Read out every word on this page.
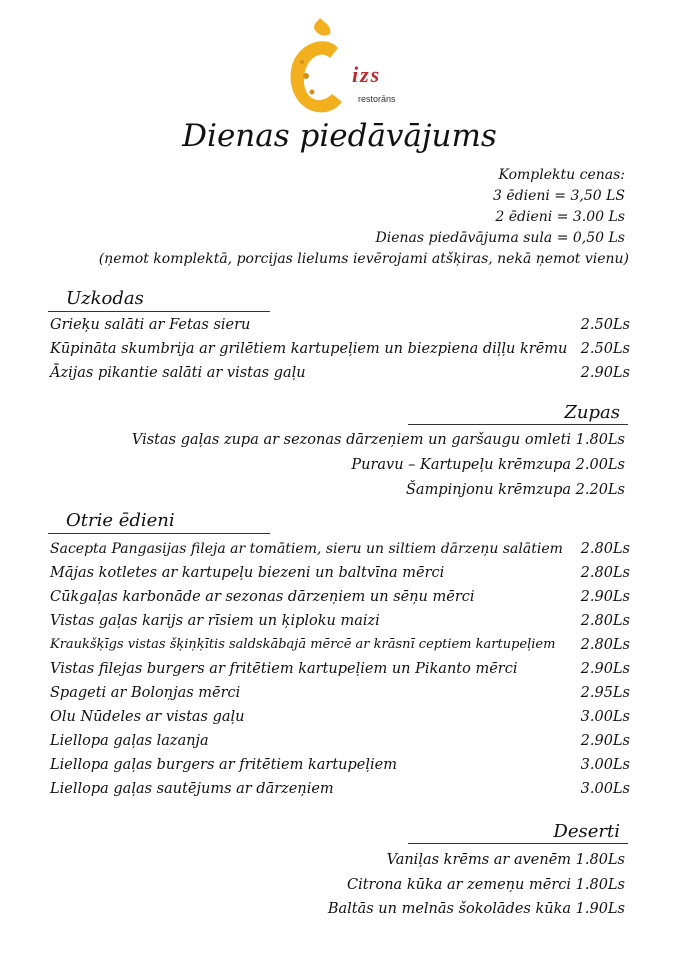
izs
restorāns
Dienas piedāvājums
Komplektu cenas:
3 ēdieni = 3,50 LS
2 ēdieni = 3.00 Ls
Dienas piedāvājuma sula = 0,50 Ls
(ņemot komplektā, porcijas lielums ievērojami atšķiras, nekā ņemot vienu)
Uzkodas
Grieķu salāti ar Fetas sieru	2.50Ls
Kūpināta skumbrija ar grilētiem kartupeļiem un biezpiena diļļu krēmu 2.50Ls
Āzijas pikantie salāti ar vistas gaļu	2.90Ls
Zupas
Vistas gaļas zupa ar sezonas dārzeņiem un garšaugu omleti 1.80Ls
Puravu – Kartupeļu krēmzupa 2.00Ls
Šampinjonu krēmzupa 2.20Ls
Otrie ēdieni
Sacepta Pangasijas fileja ar tomātiem, sieru un siltiem dārzeņu salātiem 2.80Ls
Mājas kotletes ar kartupeļu biezeni un baltvīna mērci	2.80Ls
Cūkgaļas karbonāde ar sezonas dārzeņiem un sēņu mērci	2.90Ls
Vistas gaļas karijs ar rīsiem un ķiploku maizi	2.80Ls
Kraukšķīgs vistas šķiņķītis saldskābajā mērcē ar krāsnī ceptiem kartupeļiem 2.80Ls
Vistas filejas burgers ar fritētiem kartupeļiem un Pikanto mērci	2.90Ls
Spageti ar Boloņjas mērci	2.95Ls
Olu Nūdeles ar vistas gaļu	3.00Ls
Liellopa gaļas lazanja	2.90Ls
Liellopa gaļas burgers ar fritētiem kartupeļiem	3.00Ls
Liellopa gaļas sautējums ar dārzeņiem	3.00Ls
Deserti
Vaniļas krēms ar avenēm 1.80Ls
Citrona kūka ar zemeņu mērci 1.80Ls
Baltās un melnās šokolādes kūka 1.90Ls
